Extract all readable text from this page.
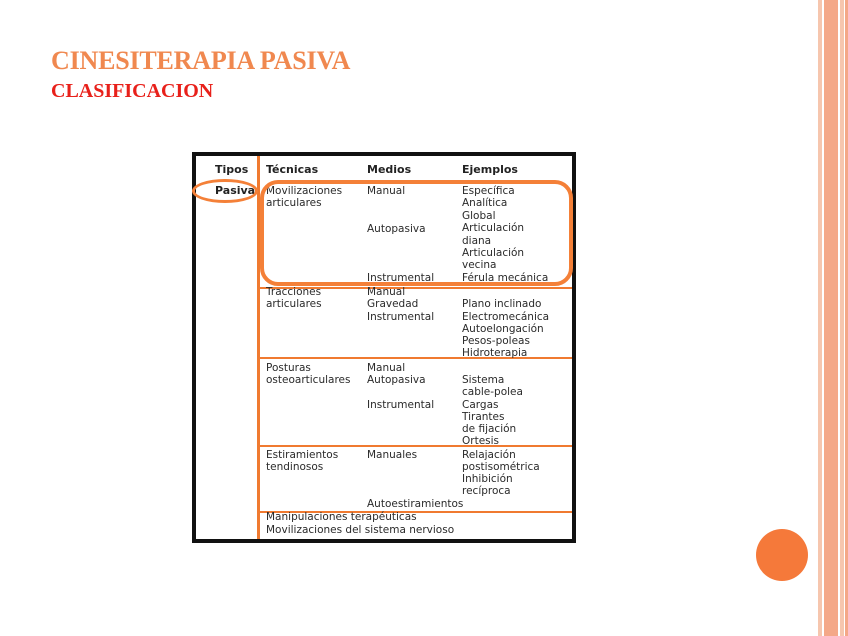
CINESITERAPIA PASIVA
CLASIFICACION
Tipos Técnicas	Medios	Ejemplos
Pasiva Movilizaciones
articulares
Manual
Autopasiva
Instrumental
Específica
Analítica
Global
Articulación
diana
Articulación
vecina
Férula mecánica
Tracciones
articulares
Manual
Gravedad
Instrumental
Plano inclinado
Electromecánica
Autoelongación
Pesos-poleas
Hidroterapia
Posturas
osteoarticulares
Manual
Autopasiva
Instrumental
Sistema
cable-polea
Cargas
Tirantes
de fijación
Ortesis
Estiramientos
tendinosos
Manuales
Autoestiramientos
Relajación
postisométrica
Inhibición
recíproca
Manipulaciones terapéuticas
Movilizaciones del sistema nervioso
